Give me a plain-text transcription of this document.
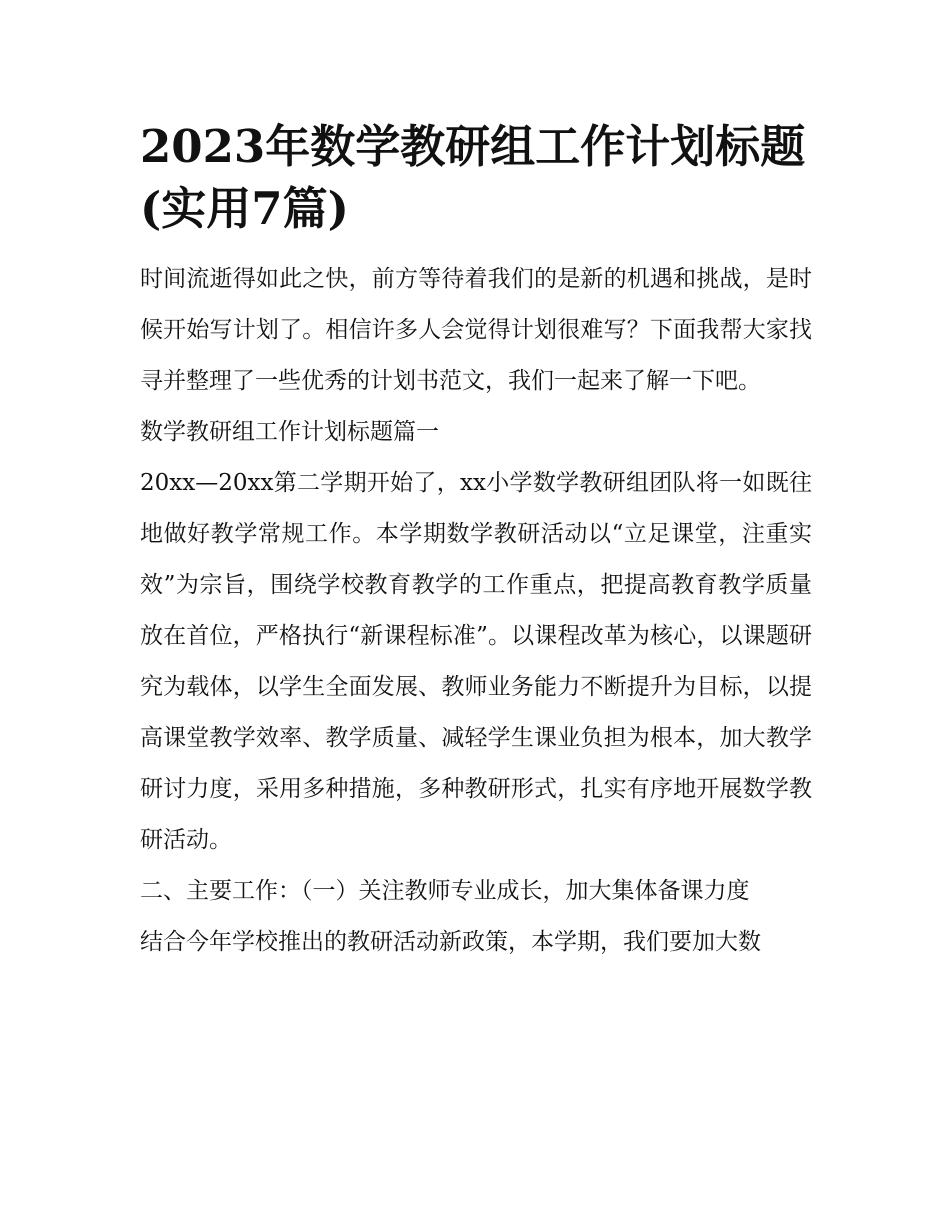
2023年数学教研组工作计划标题(实用7篇)

时间流逝得如此之快，前方等待着我们的是新的机遇和挑战，是时候开始写计划了。相信许多人会觉得计划很难写？下面我帮大家找寻并整理了一些优秀的计划书范文，我们一起来了解一下吧。

数学教研组工作计划标题篇一

20xx—20xx第二学期开始了，xx小学数学教研组团队将一如既往地做好教学常规工作。本学期数学教研活动以“立足课堂，注重实效”为宗旨，围绕学校教育教学的工作重点，把提高教育教学质量放在首位，严格执行“新课程标准”。以课程改革为核心，以课题研究为载体，以学生全面发展、教师业务能力不断提升为目标，以提高课堂教学效率、教学质量、减轻学生课业负担为根本，加大教学研讨力度，采用多种措施，多种教研形式，扎实有序地开展数学教研活动。

二、主要工作：（一）关注教师专业成长，加大集体备课力度

结合今年学校推出的教研活动新政策，本学期，我们要加大数
